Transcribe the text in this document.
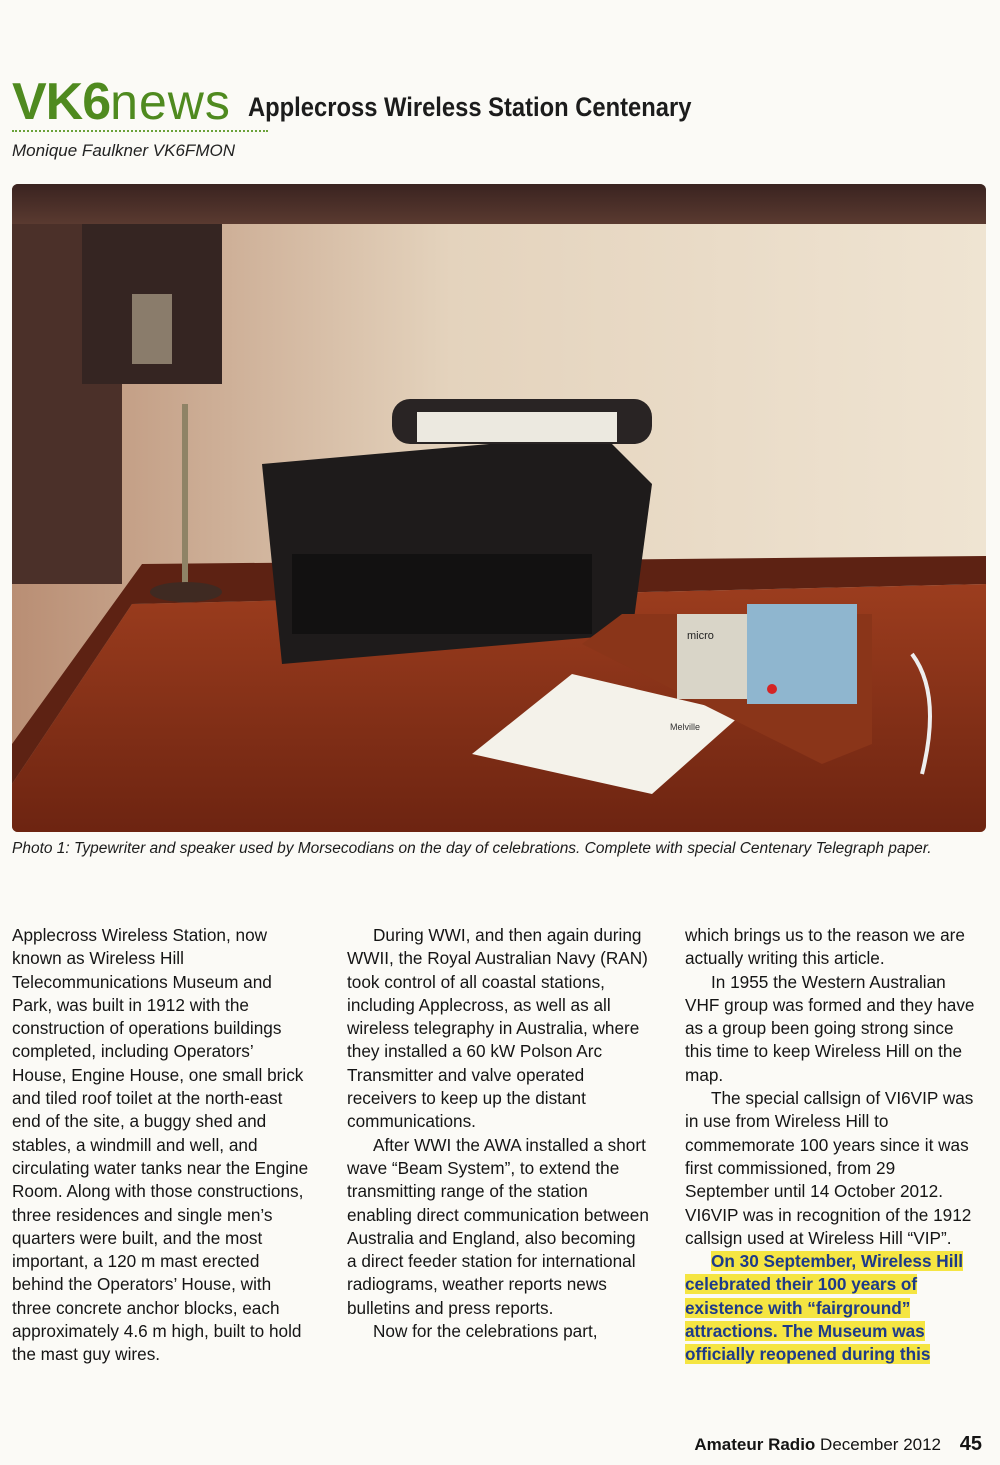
VK6news Applecross Wireless Station Centenary
Monique Faulkner VK6FMON
Melville
micro
Photo 1: Typewriter and speaker used by Morsecodians on the day of celebrations. Complete with special Centenary Telegraph paper.

Applecross Wireless Station, now known as Wireless Hill Telecommunications Museum and Park, was built in 1912 with the construction of operations buildings completed, including Operators’ House, Engine House, one small brick and tiled roof toilet at the north-east end of the site, a buggy shed and stables, a windmill and well, and circulating water tanks near the Engine Room. Along with those constructions, three residences and single men’s quarters were built, and the most important, a 120 m mast erected behind the Operators’ House, with three concrete anchor blocks, each approximately 4.6 m high, built to hold the mast guy wires.

During WWI, and then again during WWII, the Royal Australian Navy (RAN) took control of all coastal stations, including Applecross, as well as all wireless telegraphy in Australia, where they installed a 60 kW Polson Arc Transmitter and valve operated receivers to keep up the distant communications.

After WWI the AWA installed a short wave “Beam System”, to extend the transmitting range of the station enabling direct communication between Australia and England, also becoming a direct feeder station for international radiograms, weather reports news bulletins and press reports.

Now for the celebrations part,

which brings us to the reason we are actually writing this article.

In 1955 the Western Australian VHF group was formed and they have as a group been going strong since this time to keep Wireless Hill on the map.

The special callsign of VI6VIP was in use from Wireless Hill to commemorate 100 years since it was first commissioned, from 29 September until 14 October 2012. VI6VIP was in recognition of the 1912 callsign used at Wireless Hill “VIP”.

On 30 September, Wireless Hill celebrated their 100 years of existence with “fairground” attractions. The Museum was officially reopened during this

Amateur Radio December 2012 45
